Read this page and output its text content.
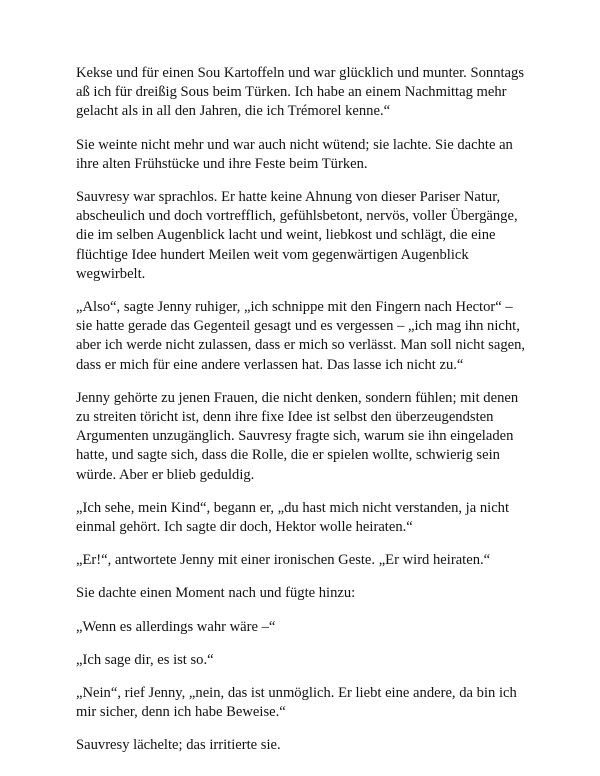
Kekse und für einen Sou Kartoffeln und war glücklich und munter. Sonntags aß ich für dreißig Sous beim Türken. Ich habe an einem Nachmittag mehr gelacht als in all den Jahren, die ich Trémorel kenne.“

Sie weinte nicht mehr und war auch nicht wütend; sie lachte. Sie dachte an ihre alten Frühstücke und ihre Feste beim Türken.

Sauvresy war sprachlos. Er hatte keine Ahnung von dieser Pariser Natur, abscheulich und doch vortrefflich, gefühlsbetont, nervös, voller Übergänge, die im selben Augenblick lacht und weint, liebkost und schlägt, die eine flüchtige Idee hundert Meilen weit vom gegenwärtigen Augenblick wegwirbelt.

„Also“, sagte Jenny ruhiger, „ich schnippe mit den Fingern nach Hector“ – sie hatte gerade das Gegenteil gesagt und es vergessen – „ich mag ihn nicht, aber ich werde nicht zulassen, dass er mich so verlässt. Man soll nicht sagen, dass er mich für eine andere verlassen hat. Das lasse ich nicht zu.“

Jenny gehörte zu jenen Frauen, die nicht denken, sondern fühlen; mit denen zu streiten töricht ist, denn ihre fixe Idee ist selbst den überzeugendsten Argumenten unzugänglich. Sauvresy fragte sich, warum sie ihn eingeladen hatte, und sagte sich, dass die Rolle, die er spielen wollte, schwierig sein würde. Aber er blieb geduldig.

„Ich sehe, mein Kind“, begann er, „du hast mich nicht verstanden, ja nicht einmal gehört. Ich sagte dir doch, Hektor wolle heiraten.“

„Er!“, antwortete Jenny mit einer ironischen Geste. „Er wird heiraten.“

Sie dachte einen Moment nach und fügte hinzu:

„Wenn es allerdings wahr wäre –“

„Ich sage dir, es ist so.“

„Nein“, rief Jenny, „nein, das ist unmöglich. Er liebt eine andere, da bin ich mir sicher, denn ich habe Beweise.“

Sauvresy lächelte; das irritierte sie.
